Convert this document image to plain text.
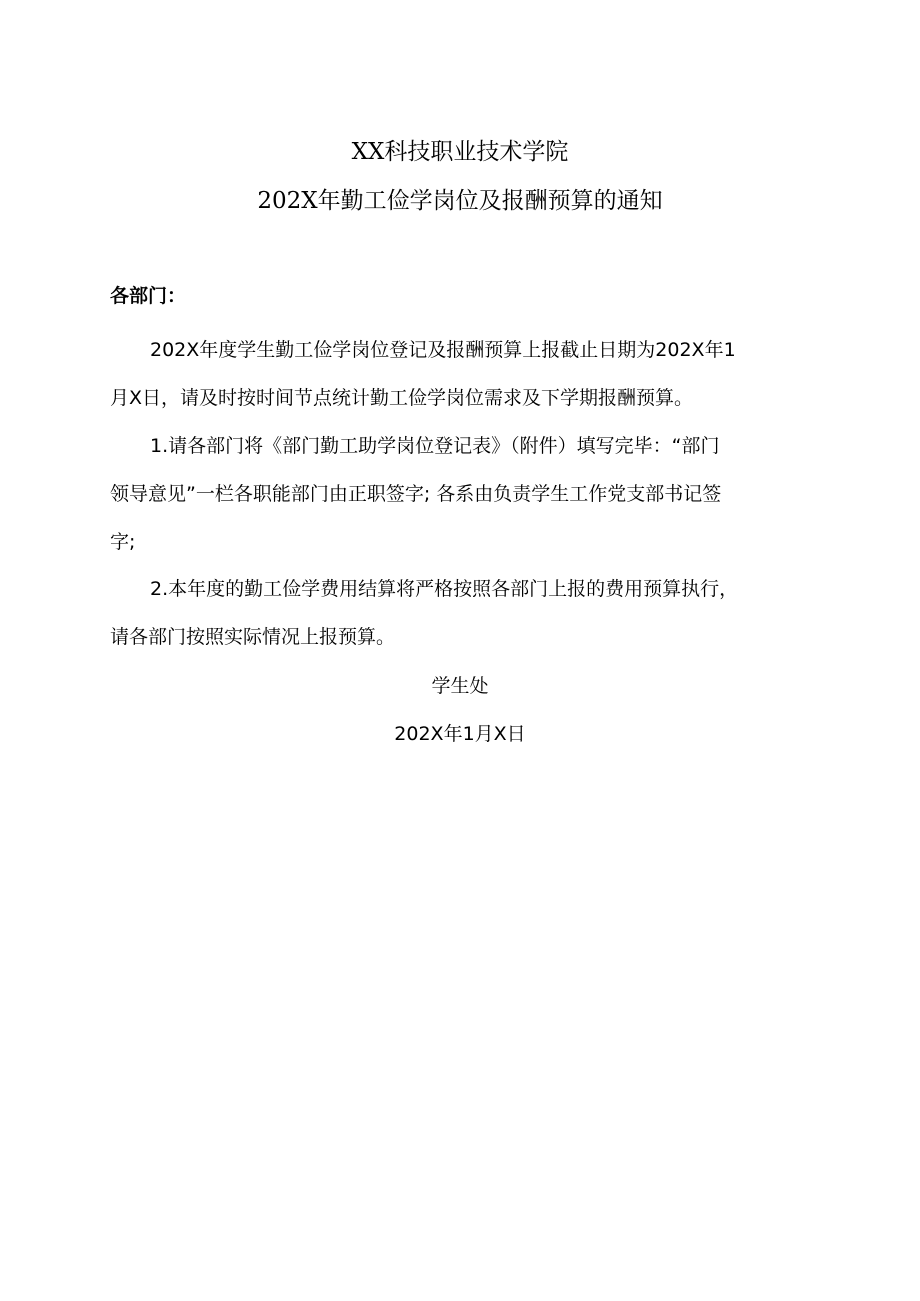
XX科技职业技术学院
202X年勤工俭学岗位及报酬预算的通知
各部门：
202X年度学生勤工俭学岗位登记及报酬预算上报截止日期为202X年1
月X日，请及时按时间节点统计勤工俭学岗位需求及下学期报酬预算。
1.请各部门将《部门勤工助学岗位登记表》（附件）填写完毕：“部门
领导意见”一栏各职能部门由正职签字; 各系由负责学生工作党支部书记签
字;
2.本年度的勤工俭学费用结算将严格按照各部门上报的费用预算执行，
请各部门按照实际情况上报预算。
学生处
202X年1月X日
